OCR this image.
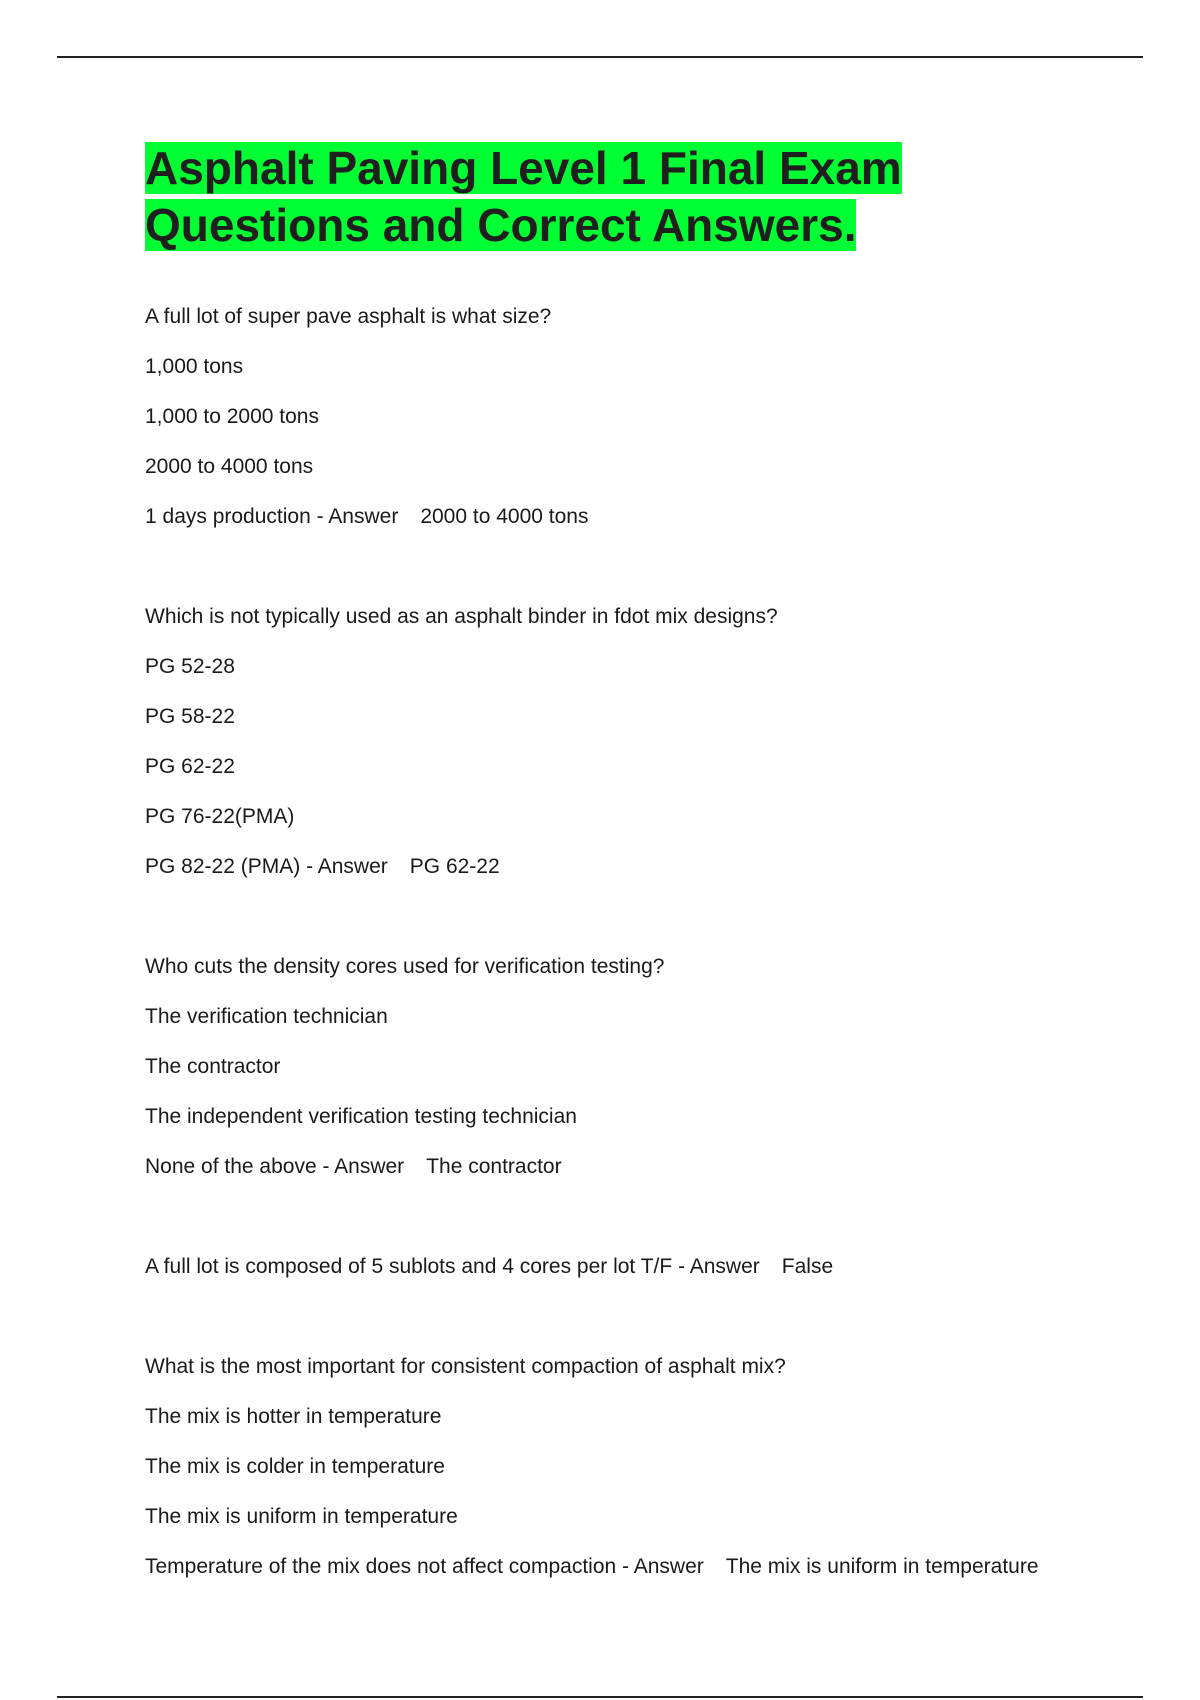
Asphalt Paving Level 1 Final Exam Questions and Correct Answers.

A full lot of super pave asphalt is what size?

1,000 tons

1,000 to 2000 tons

2000 to 4000 tons

1 days production - Answer 2000 to 4000 tons

Which is not typically used as an asphalt binder in fdot mix designs?

PG 52-28

PG 58-22

PG 62-22

PG 76-22(PMA)

PG 82-22 (PMA) - Answer PG 62-22

Who cuts the density cores used for verification testing?

The verification technician

The contractor

The independent verification testing technician

None of the above - Answer The contractor

A full lot is composed of 5 sublots and 4 cores per lot T/F - Answer False

What is the most important for consistent compaction of asphalt mix?

The mix is hotter in temperature

The mix is colder in temperature

The mix is uniform in temperature

Temperature of the mix does not affect compaction - Answer The mix is uniform in temperature
